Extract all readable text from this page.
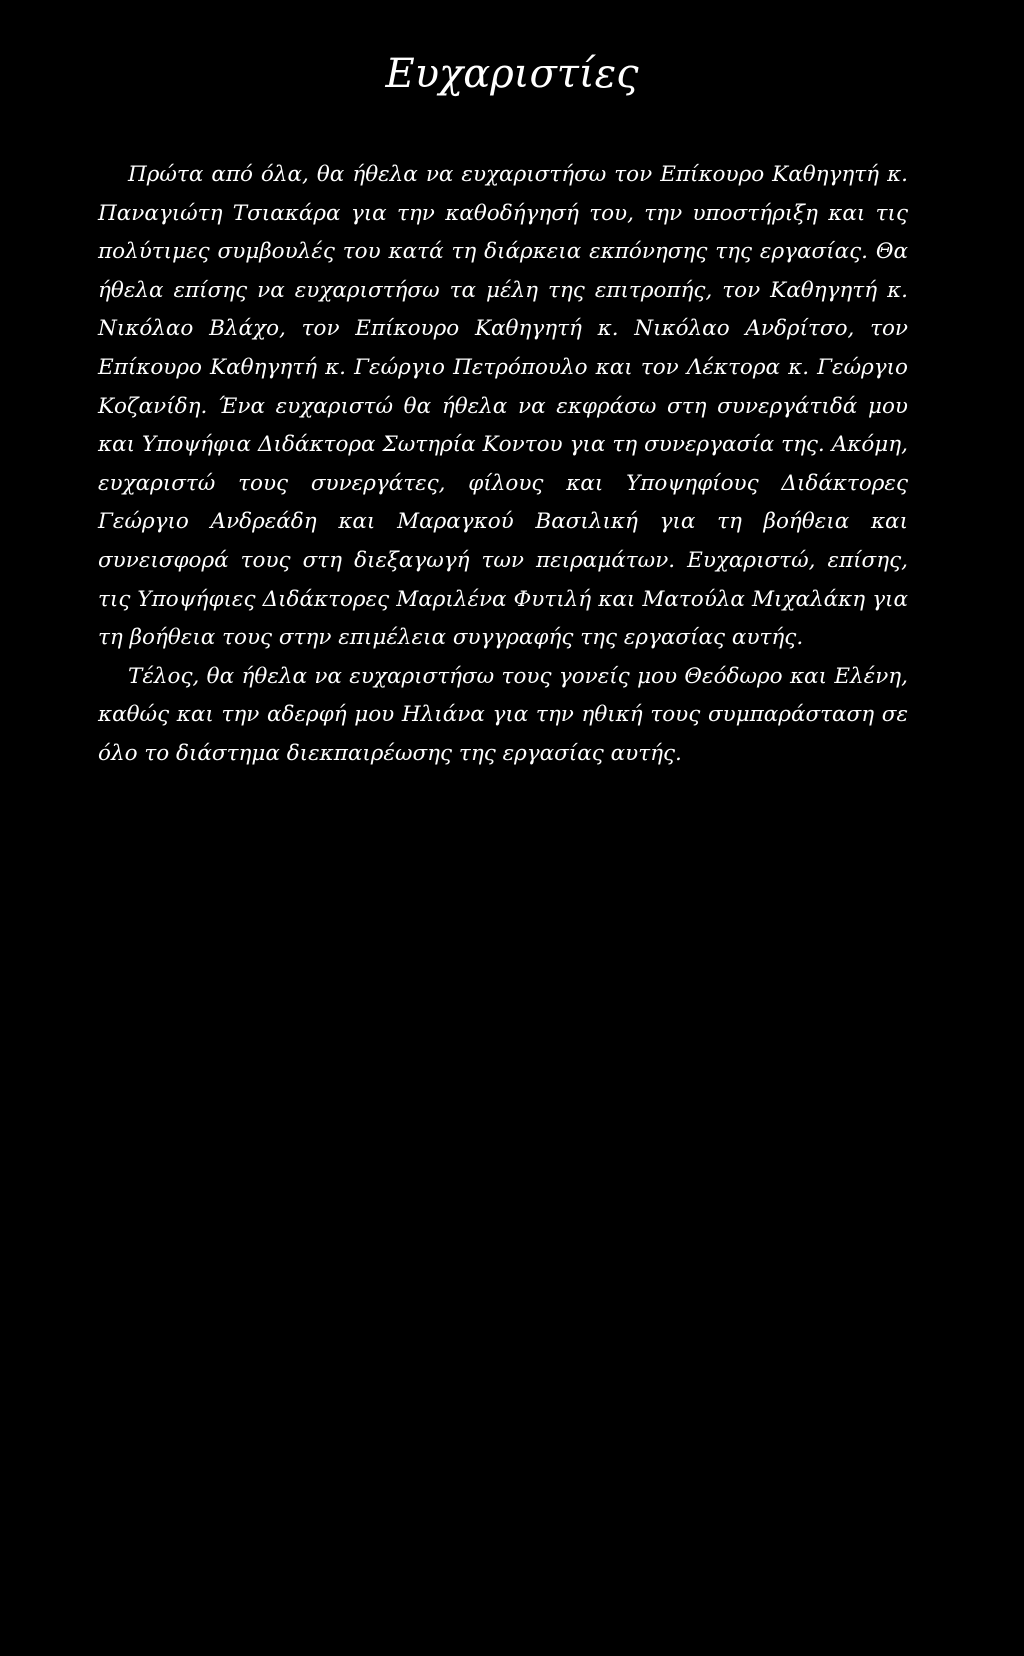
Ευχαριστίες

Πρώτα από όλα, θα ήθελα να ευχαριστήσω τον Επίκουρο Καθηγητή κ. Παναγιώτη Τσιακάρα για την καθοδήγησή του, την υποστήριξη και τις πολύτιμες συμβουλές του κατά τη διάρκεια εκπόνησης της εργασίας. Θα ήθελα επίσης να ευχαριστήσω τα μέλη της επιτροπής, τον Καθηγητή κ. Νικόλαο Βλάχο, τον Επίκουρο Καθηγητή κ. Νικόλαο Ανδρίτσο, τον Επίκουρο Καθηγητή κ. Γεώργιο Πετρόπουλο και τον Λέκτορα κ. Γεώργιο Κοζανίδη. Ένα ευχαριστώ θα ήθελα να εκφράσω στη συνεργάτιδά μου και Υποψήφια Διδάκτορα Σωτηρία Κοντου για τη συνεργασία της. Ακόμη, ευχαριστώ τους συνεργάτες, φίλους και Υποψηφίους Διδάκτορες Γεώργιο Ανδρεάδη και Μαραγκού Βασιλική για τη βοήθεια και συνεισφορά τους στη διεξαγωγή των πειραμάτων. Ευχαριστώ, επίσης, τις Υποψήφιες Διδάκτορες Μαριλένα Φυτιλή και Ματούλα Μιχαλάκη για τη βοήθεια τους στην επιμέλεια συγγραφής της εργασίας αυτής.

Τέλος, θα ήθελα να ευχαριστήσω τους γονείς μου Θεόδωρο και Ελένη, καθώς και την αδερφή μου Ηλιάνα για την ηθική τους συμπαράσταση σε όλο το διάστημα διεκπαιρέωσης της εργασίας αυτής.
